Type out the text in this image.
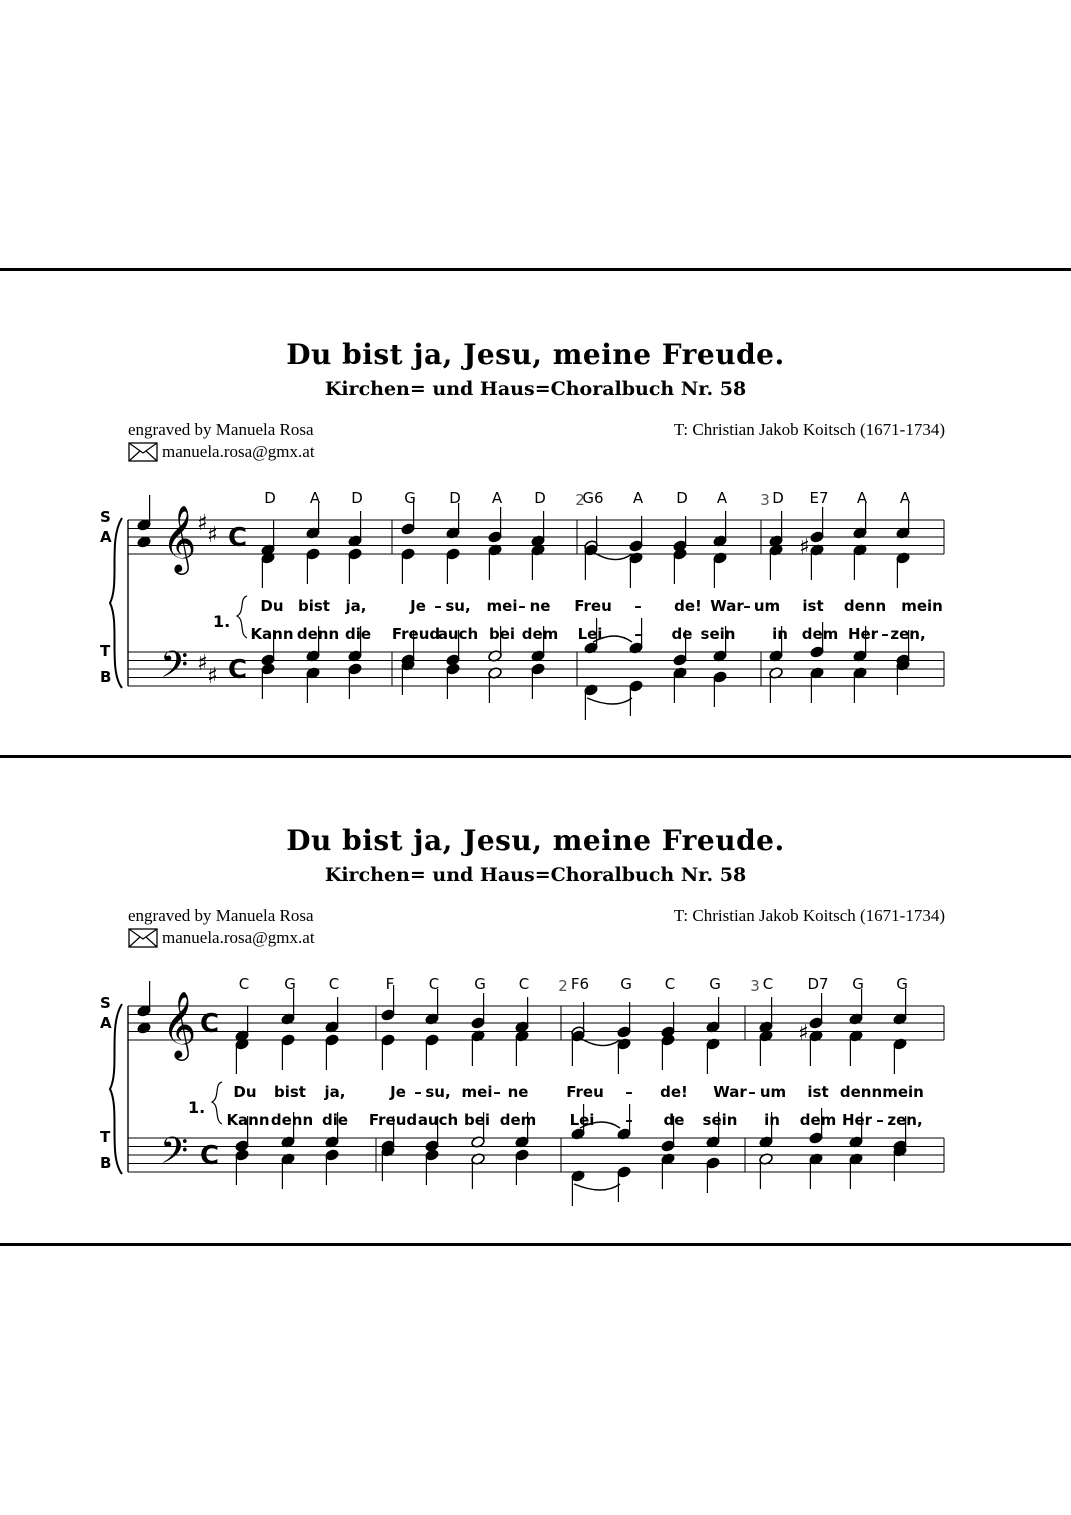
Du bist ja, Jesu, meine Freude.
Kirchen= und Haus=Choralbuch Nr. 58
engraved by Manuela Rosa
manuela.rosa@gmx.at
T: Christian Jakob Koitsch (1671-1734)
S
A
T
B
𝄞
𝄢
♯ ♯
♯
♯
C
C
D A D	G D A D G6 A D A	D E7 A A
2	3
♯
1.
Du bist ja,	Je – su, mei – ne Freu – de! War – um ist denn mein
Kann denn die Freud
auch bei dem Lei – de sein in dem Her – zen,
Du bist ja, Jesu, meine Freude.
Kirchen= und Haus=Choralbuch Nr. 58
engraved by Manuela Rosa
manuela.rosa@gmx.at
T: Christian Jakob Koitsch (1671-1734)
S
A
T
B
𝄞
𝄢
C
C
C G C	F C G C	F6 G C G	C D7 G G
2	3
♯
1.
Du bist ja,	Je – su, mei – ne	Freu – de! War – um ist denn mein
Kann denn die Freud auch bei dem Lei – de sein in dem Her – zen,
